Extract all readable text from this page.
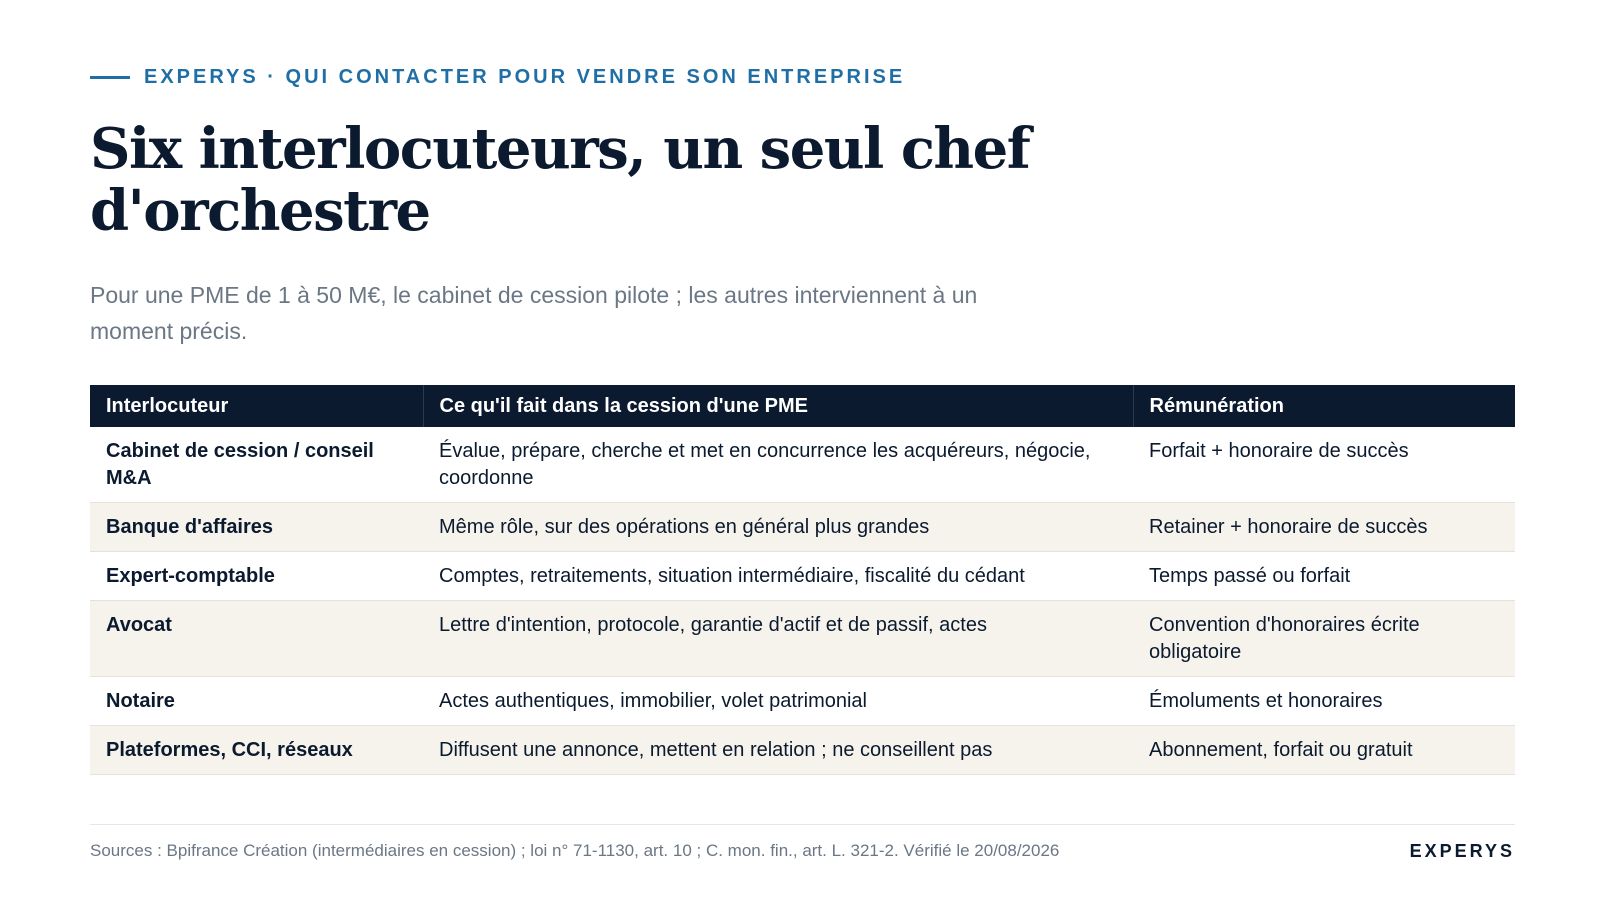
EXPERYS · QUI CONTACTER POUR VENDRE SON ENTREPRISE
Six interlocuteurs, un seul chef d'orchestre

Pour une PME de 1 à 50 M€, le cabinet de cession pilote ; les autres interviennent à un moment précis.

Interlocuteur	Ce qu'il fait dans la cession d'une PME	Rémunération
Cabinet de cession / conseil M&A	Évalue, prépare, cherche et met en concurrence les acquéreurs, négocie, coordonne	Forfait + honoraire de succès
Banque d'affaires	Même rôle, sur des opérations en général plus grandes	Retainer + honoraire de succès
Expert-comptable	Comptes, retraitements, situation intermédiaire, fiscalité du cédant	Temps passé ou forfait
Avocat	Lettre d'intention, protocole, garantie d'actif et de passif, actes	Convention d'honoraires écrite obligatoire
Notaire	Actes authentiques, immobilier, volet patrimonial	Émoluments et honoraires
Plateformes, CCI, réseaux	Diffusent une annonce, mettent en relation ; ne conseillent pas	Abonnement, forfait ou gratuit
Sources : Bpifrance Création (intermédiaires en cession) ; loi n° 71-1130, art. 10 ; C. mon. fin., art. L. 321-2. Vérifié le 20/08/2026	EXPERYS
